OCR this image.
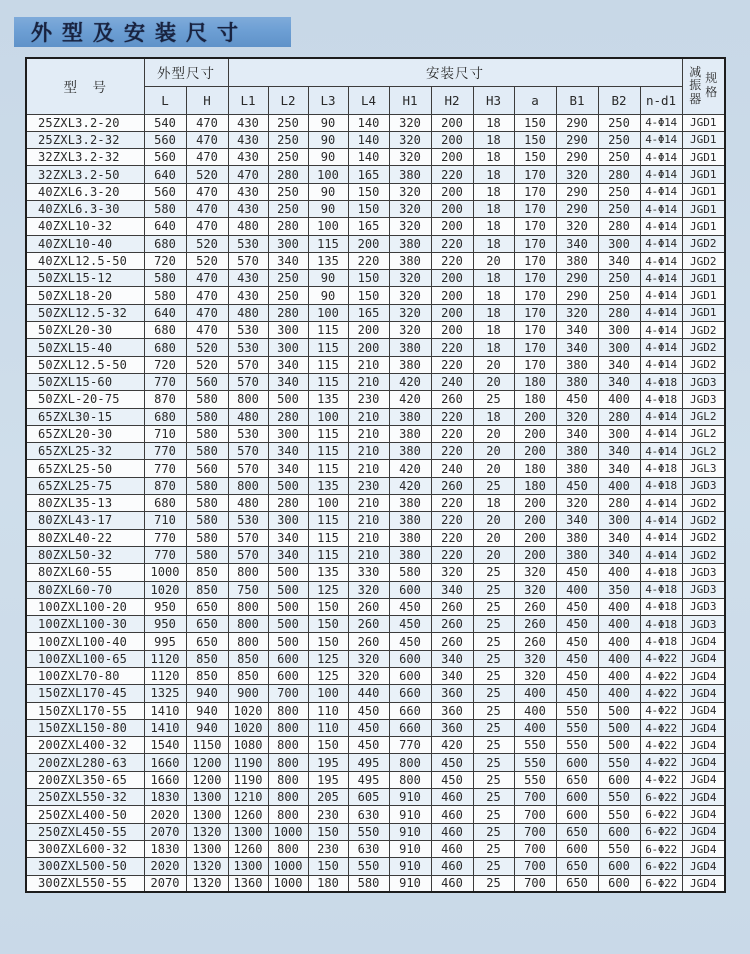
外型及安装尺寸
型　号	外型尺寸		安装尺寸											减振器
规格

	L	H	L1	L2	L3	L4	H1	H2	H3	a	B1	B2	n-d1	
25ZXL3.2-20	540	470	430	250	90	140	320	200	18	150	290	250	4-Φ14	JGD1
25ZXL3.2-32	560	470	430	250	90	140	320	200	18	150	290	250	4-Φ14	JGD1
32ZXL3.2-32	560	470	430	250	90	140	320	200	18	150	290	250	4-Φ14	JGD1
32ZXL3.2-50	640	520	470	280	100	165	380	220	18	170	320	280	4-Φ14	JGD1
40ZXL6.3-20	560	470	430	250	90	150	320	200	18	170	290	250	4-Φ14	JGD1
40ZXL6.3-30	580	470	430	250	90	150	320	200	18	170	290	250	4-Φ14	JGD1
40ZXL10-32	640	470	480	280	100	165	320	200	18	170	320	280	4-Φ14	JGD1
40ZXL10-40	680	520	530	300	115	200	380	220	18	170	340	300	4-Φ14	JGD2
40ZXL12.5-50	720	520	570	340	135	220	380	220	20	170	380	340	4-Φ14	JGD2
50ZXL15-12	580	470	430	250	90	150	320	200	18	170	290	250	4-Φ14	JGD1
50ZXL18-20	580	470	430	250	90	150	320	200	18	170	290	250	4-Φ14	JGD1
50ZXL12.5-32	640	470	480	280	100	165	320	200	18	170	320	280	4-Φ14	JGD1
50ZXL20-30	680	470	530	300	115	200	320	200	18	170	340	300	4-Φ14	JGD2
50ZXL15-40	680	520	530	300	115	200	380	220	18	170	340	300	4-Φ14	JGD2
50ZXL12.5-50	720	520	570	340	115	210	380	220	20	170	380	340	4-Φ14	JGD2
50ZXL15-60	770	560	570	340	115	210	420	240	20	180	380	340	4-Φ18	JGD3
50ZXL-20-75	870	580	800	500	135	230	420	260	25	180	450	400	4-Φ18	JGD3
65ZXL30-15	680	580	480	280	100	210	380	220	18	200	320	280	4-Φ14	JGL2
65ZXL20-30	710	580	530	300	115	210	380	220	20	200	340	300	4-Φ14	JGL2
65ZXL25-32	770	580	570	340	115	210	380	220	20	200	380	340	4-Φ14	JGL2
65ZXL25-50	770	560	570	340	115	210	420	240	20	180	380	340	4-Φ18	JGL3
65ZXL25-75	870	580	800	500	135	230	420	260	25	180	450	400	4-Φ18	JGD3
80ZXL35-13	680	580	480	280	100	210	380	220	18	200	320	280	4-Φ14	JGD2
80ZXL43-17	710	580	530	300	115	210	380	220	20	200	340	300	4-Φ14	JGD2
80ZXL40-22	770	580	570	340	115	210	380	220	20	200	380	340	4-Φ14	JGD2
80ZXL50-32	770	580	570	340	115	210	380	220	20	200	380	340	4-Φ14	JGD2
80ZXL60-55	1000	850	800	500	135	330	580	320	25	320	450	400	4-Φ18	JGD3
80ZXL60-70	1020	850	750	500	125	320	600	340	25	320	400	350	4-Φ18	JGD3
100ZXL100-20	950	650	800	500	150	260	450	260	25	260	450	400	4-Φ18	JGD3
100ZXL100-30	950	650	800	500	150	260	450	260	25	260	450	400	4-Φ18	JGD3
100ZXL100-40	995	650	800	500	150	260	450	260	25	260	450	400	4-Φ18	JGD4
100ZXL100-65	1120	850	850	600	125	320	600	340	25	320	450	400	4-Φ22	JGD4
100ZXL70-80	1120	850	850	600	125	320	600	340	25	320	450	400	4-Φ22	JGD4
150ZXL170-45	1325	940	900	700	100	440	660	360	25	400	450	400	4-Φ22	JGD4
150ZXL170-55	1410	940	1020	800	110	450	660	360	25	400	550	500	4-Φ22	JGD4
150ZXL150-80	1410	940	1020	800	110	450	660	360	25	400	550	500	4-Φ22	JGD4
200ZXL400-32	1540	1150	1080	800	150	450	770	420	25	550	550	500	4-Φ22	JGD4
200ZXL280-63	1660	1200	1190	800	195	495	800	450	25	550	600	550	4-Φ22	JGD4
200ZXL350-65	1660	1200	1190	800	195	495	800	450	25	550	650	600	4-Φ22	JGD4
250ZXL550-32	1830	1300	1210	800	205	605	910	460	25	700	600	550	6-Φ22	JGD4
250ZXL400-50	2020	1300	1260	800	230	630	910	460	25	700	600	550	6-Φ22	JGD4
250ZXL450-55	2070	1320	1300	1000	150	550	910	460	25	700	650	600	6-Φ22	JGD4
300ZXL600-32	1830	1300	1260	800	230	630	910	460	25	700	600	550	6-Φ22	JGD4
300ZXL500-50	2020	1320	1300	1000	150	550	910	460	25	700	650	600	6-Φ22	JGD4
300ZXL550-55	2070	1320	1360	1000	180	580	910	460	25	700	650	600	6-Φ22	JGD4
